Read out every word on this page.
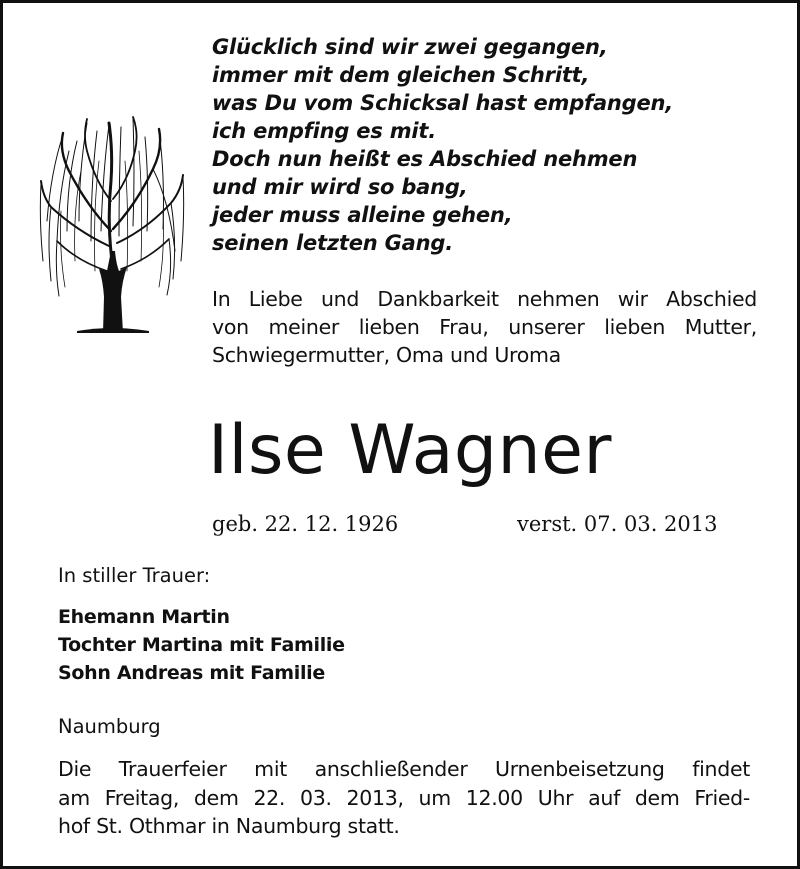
Glücklich sind wir zwei gegangen,
immer mit dem gleichen Schritt,
was Du vom Schicksal hast empfangen,
ich empfing es mit.
Doch nun heißt es Abschied nehmen
und mir wird so bang,
jeder muss alleine gehen,
seinen letzten Gang.
In Liebe und Dankbarkeit nehmen wir Abschied
von meiner lieben Frau, unserer lieben Mutter,
Schwiegermutter, Oma und Uroma
Ilse Wagner
geb. 22. 12. 1926	verst. 07. 03. 2013
In stiller Trauer:
Ehemann Martin
Tochter Martina mit Familie
Sohn Andreas mit Familie
Naumburg
Die Trauerfeier mit anschließender Urnenbeisetzung findet
am Freitag, dem 22. 03. 2013, um 12.00 Uhr auf dem Fried-
hof St. Othmar in Naumburg statt.
